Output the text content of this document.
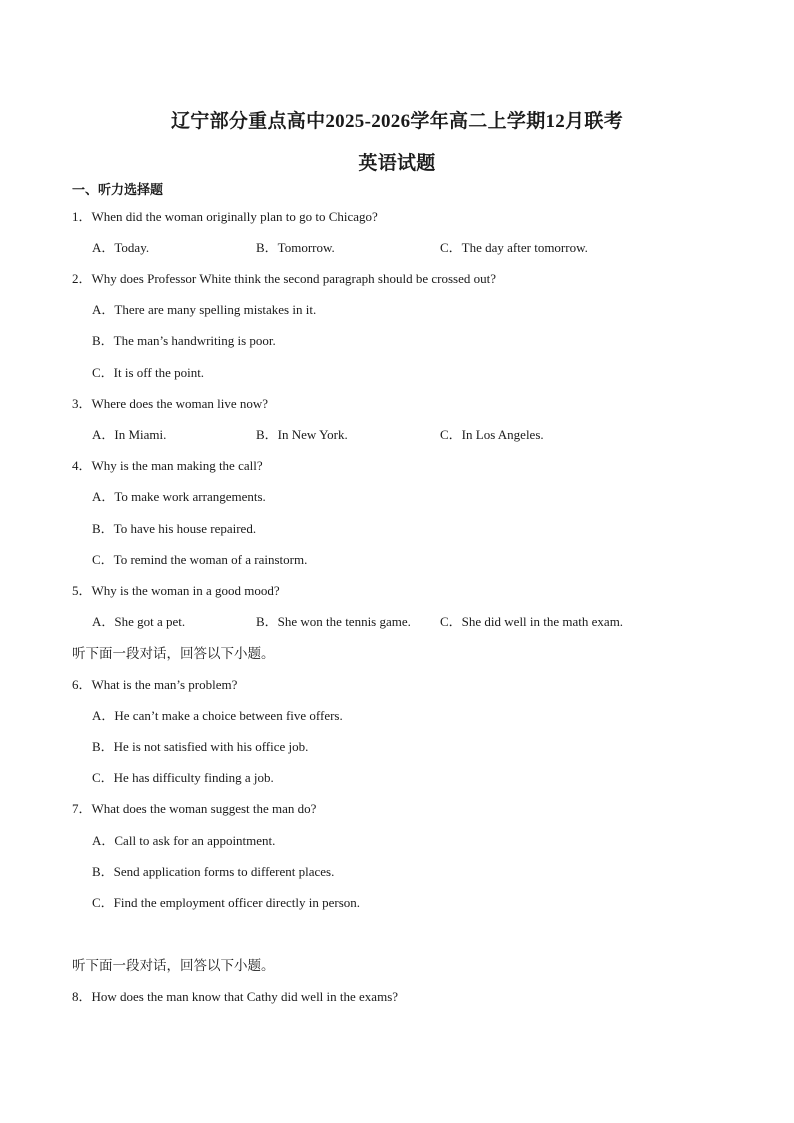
辽宁部分重点高中2025-2026学年高二上学期12月联考
英语试题
一、听力选择题
1．When did the woman originally plan to go to Chicago?
A．Today.	B．Tomorrow.	C．The day after tomorrow.
2．Why does Professor White think the second paragraph should be crossed out?
A．There are many spelling mistakes in it.
B．The man’s handwriting is poor.
C．It is off the point.
3．Where does the woman live now?
A．In Miami.	B．In New York.	C．In Los Angeles.
4．Why is the man making the call?
A．To make work arrangements.
B．To have his house repaired.
C．To remind the woman of a rainstorm.
5．Why is the woman in a good mood?
A．She got a pet.	B．She won the tennis game. C．She did well in the math exam.
听下面一段对话，回答以下小题。
6．What is the man’s problem?
A．He can’t make a choice between five offers.
B．He is not satisfied with his office job.
C．He has difficulty finding a job.
7．What does the woman suggest the man do?
A．Call to ask for an appointment.
B．Send application forms to different places.
C．Find the employment officer directly in person.
听下面一段对话，回答以下小题。
8．How does the man know that Cathy did well in the exams?
